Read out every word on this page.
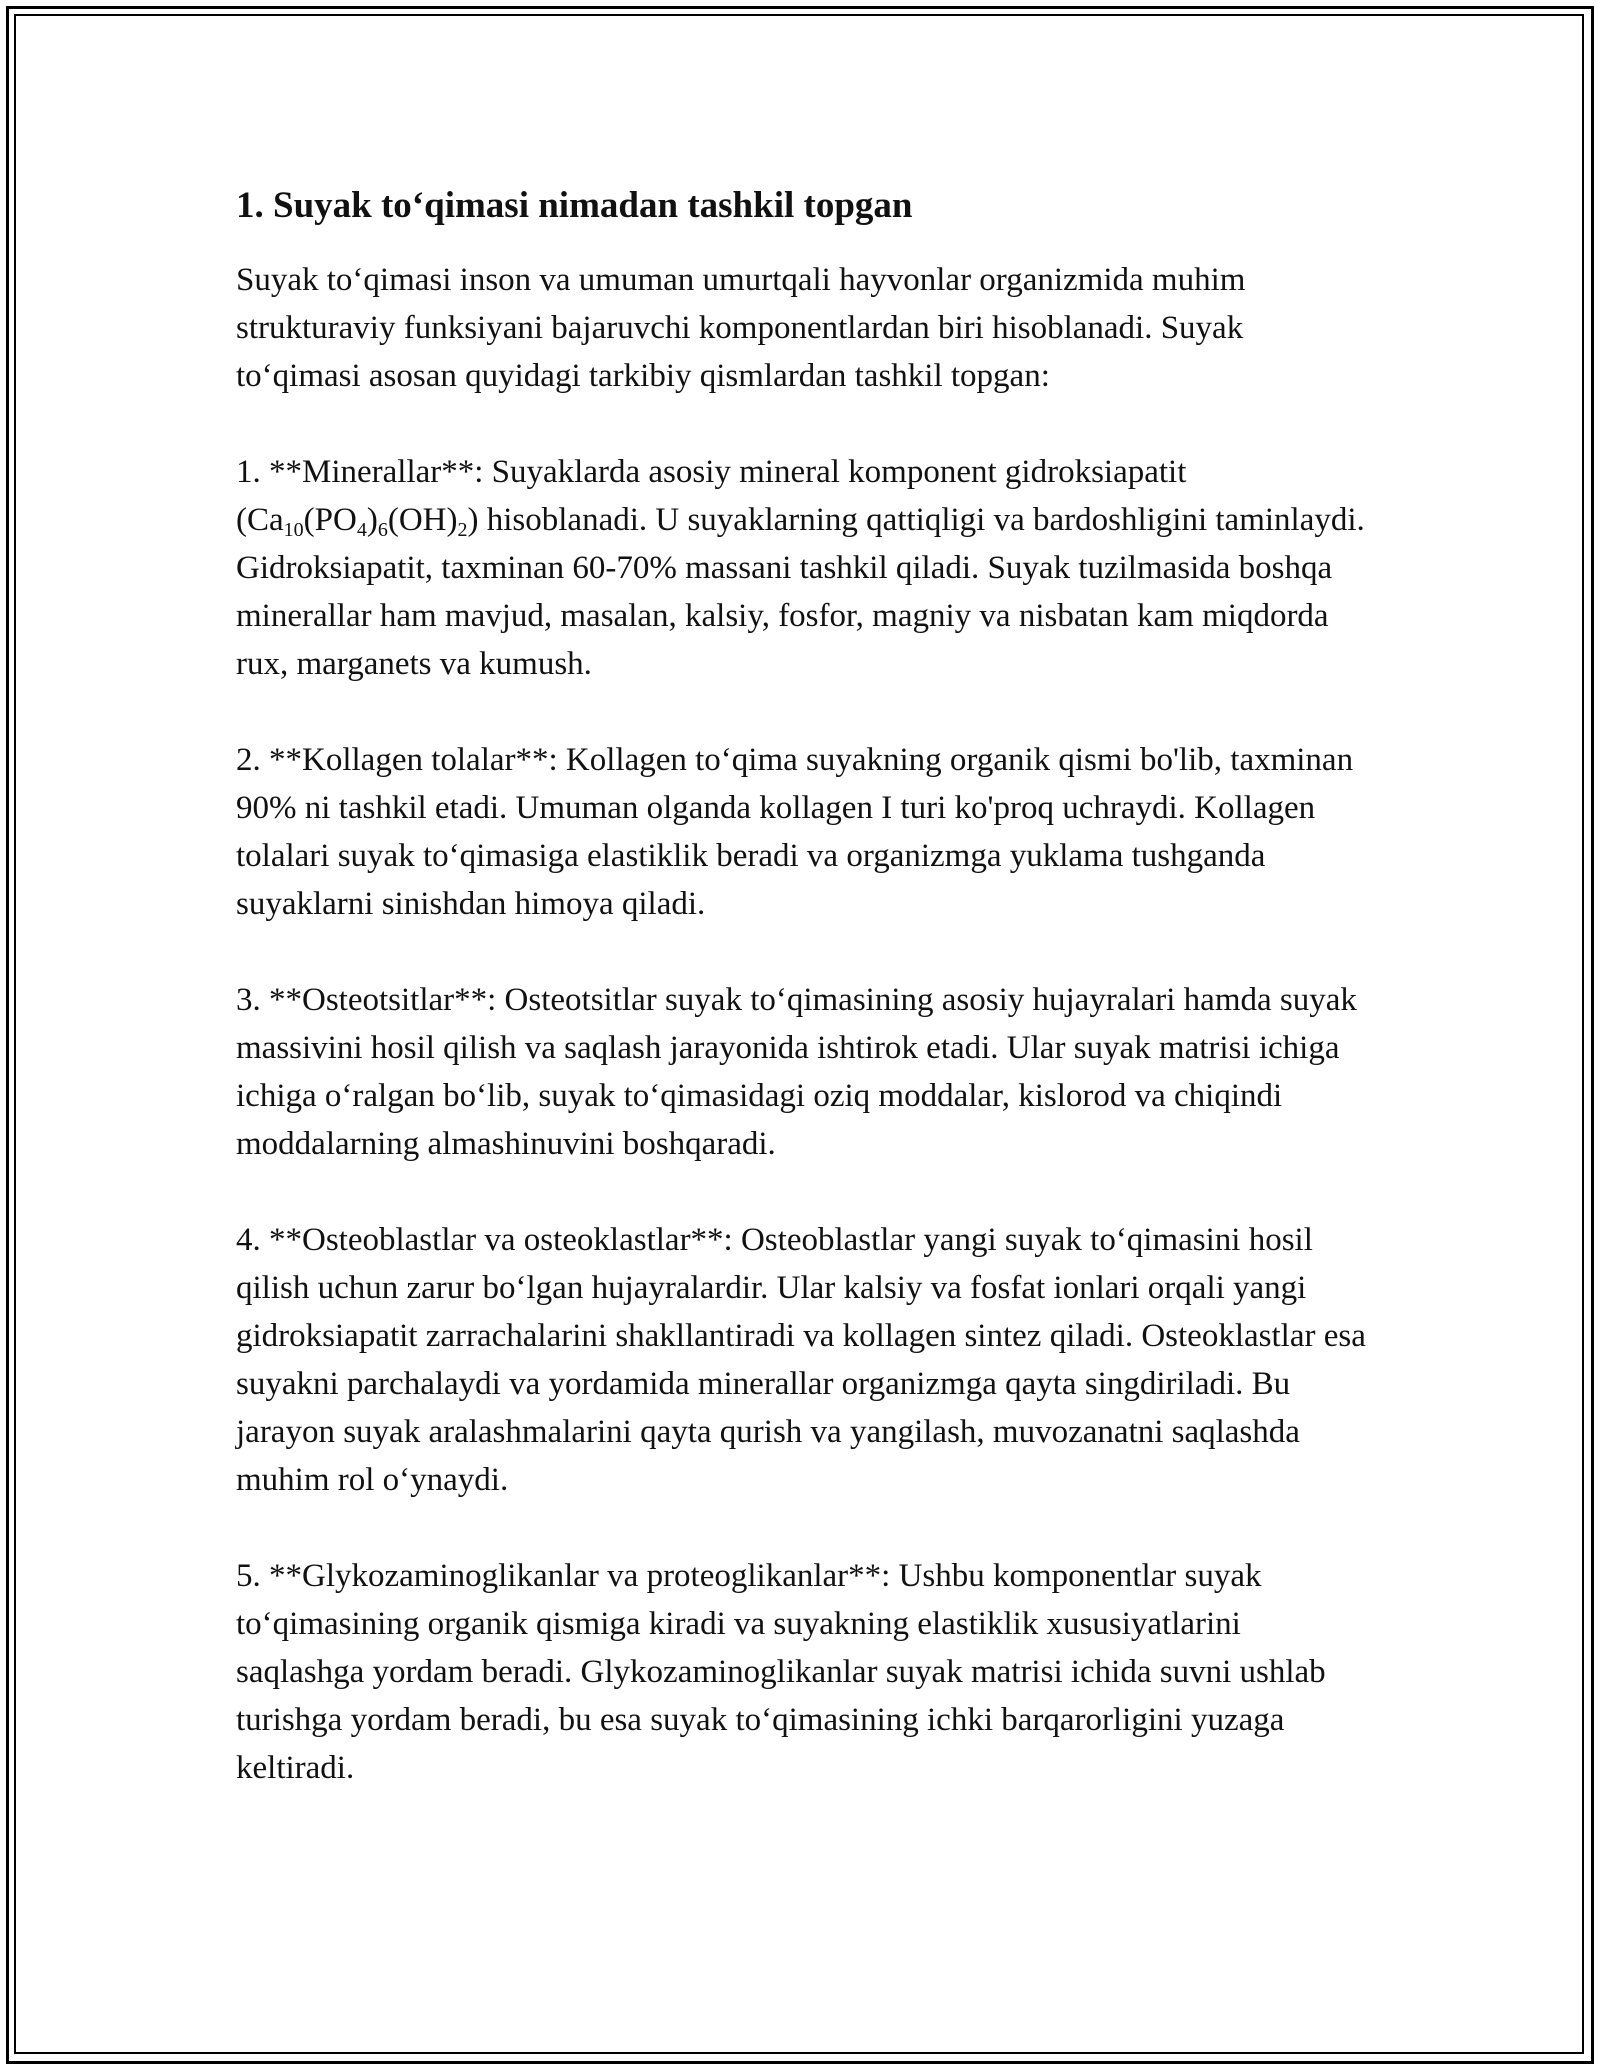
1. Suyak to‘qimasi nimadan tashkil topgan

Suyak to‘qimasi inson va umuman umurtqali hayvonlar organizmida muhim strukturaviy funksiyani bajaruvchi komponentlardan biri hisoblanadi. Suyak to‘qimasi asosan quyidagi tarkibiy qismlardan tashkil topgan:

1. **Minerallar**: Suyaklarda asosiy mineral komponent gidroksiapatit $(Ca_{10}(PO_4)_6(OH)_2)$ hisoblanadi. U suyaklarning qattiqligi va bardoshligini taminlaydi. Gidroksiapatit, taxminan 60-70% massani tashkil qiladi. Suyak tuzilmasida boshqa minerallar ham mavjud, masalan, kalsiy, fosfor, magniy va nisbatan kam miqdorda rux, marganets va kumush.

2. **Kollagen tolalar**: Kollagen to‘qima suyakning organik qismi bo'lib, taxminan 90% ni tashkil etadi. Umuman olganda kollagen I turi ko'proq uchraydi. Kollagen tolalari suyak to‘qimasiga elastiklik beradi va organizmga yuklama tushganda suyaklarni sinishdan himoya qiladi.

3. **Osteotsitlar**: Osteotsitlar suyak to‘qimasining asosiy hujayralari hamda suyak massivini hosil qilish va saqlash jarayonida ishtirok etadi. Ular suyak matrisi ichiga ichiga o‘ralgan bo‘lib, suyak to‘qimasidagi oziq moddalar, kislorod va chiqindi moddalarning almashinuvini boshqaradi.

4. **Osteoblastlar va osteoklastlar**: Osteoblastlar yangi suyak to‘qimasini hosil qilish uchun zarur bo‘lgan hujayralardir. Ular kalsiy va fosfat ionlari orqali yangi gidroksiapatit zarrachalarini shakllantiradi va kollagen sintez qiladi. Osteoklastlar esa suyakni parchalaydi va yordamida minerallar organizmga qayta singdiriladi. Bu jarayon suyak aralashmalarini qayta qurish va yangilash, muvozanatni saqlashda muhim rol o‘ynaydi.

5. **Glykozaminoglikanlar va proteoglikanlar**: Ushbu komponentlar suyak to‘qimasining organik qismiga kiradi va suyakning elastiklik xususiyatlarini saqlashga yordam beradi. Glykozaminoglikanlar suyak matrisi ichida suvni ushlab turishga yordam beradi, bu esa suyak to‘qimasining ichki barqarorligini yuzaga keltiradi.
